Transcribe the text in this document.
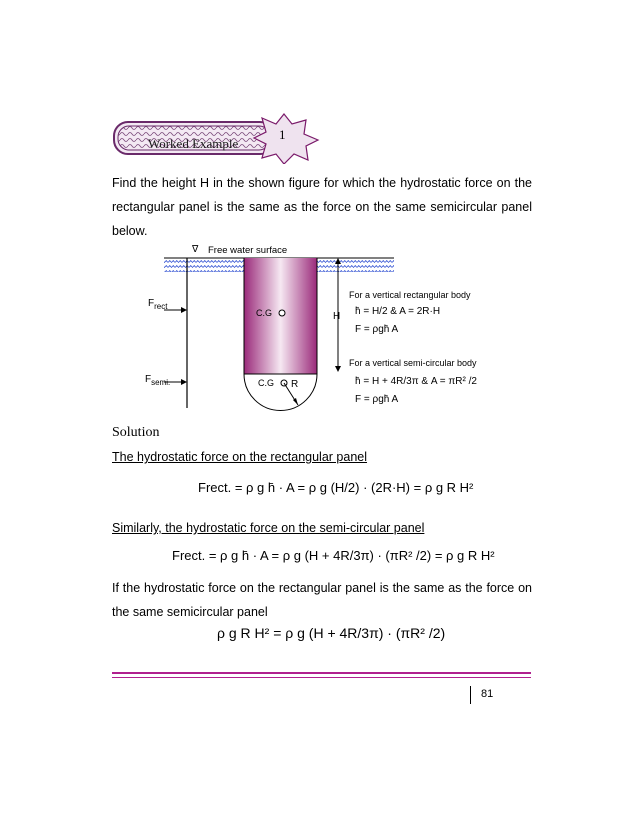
Worked Example
1
Find the height H in the shown figure for which the hydrostatic force on the rectangular panel is the same as the force on the same semicircular panel below.
∇ Free water surface
$F_{rect}$
$F_{semi.}$
C.G
C.G
H
R
For a vertical rectangular body
h̄ = H/2 & A = 2R·H
F = ρgh̄ A
For a vertical semi-circular body
h̄ = H + 4R/3π & A = πR² /2
F = ρgh̄ A
Solution
The hydrostatic force on the rectangular panel
Frect. = ρ g h̄ · A = ρ g (H/2) · (2R·H) = ρ g R H²
Similarly, the hydrostatic force on the semi-circular panel
Frect. = ρ g h̄ · A = ρ g (H + 4R/3π) · (πR² /2) = ρ g R H²
If the hydrostatic force on the rectangular panel is the same as the force on the same semicircular panel
ρ g R H² = ρ g (H + 4R/3π) · (πR² /2)
81
